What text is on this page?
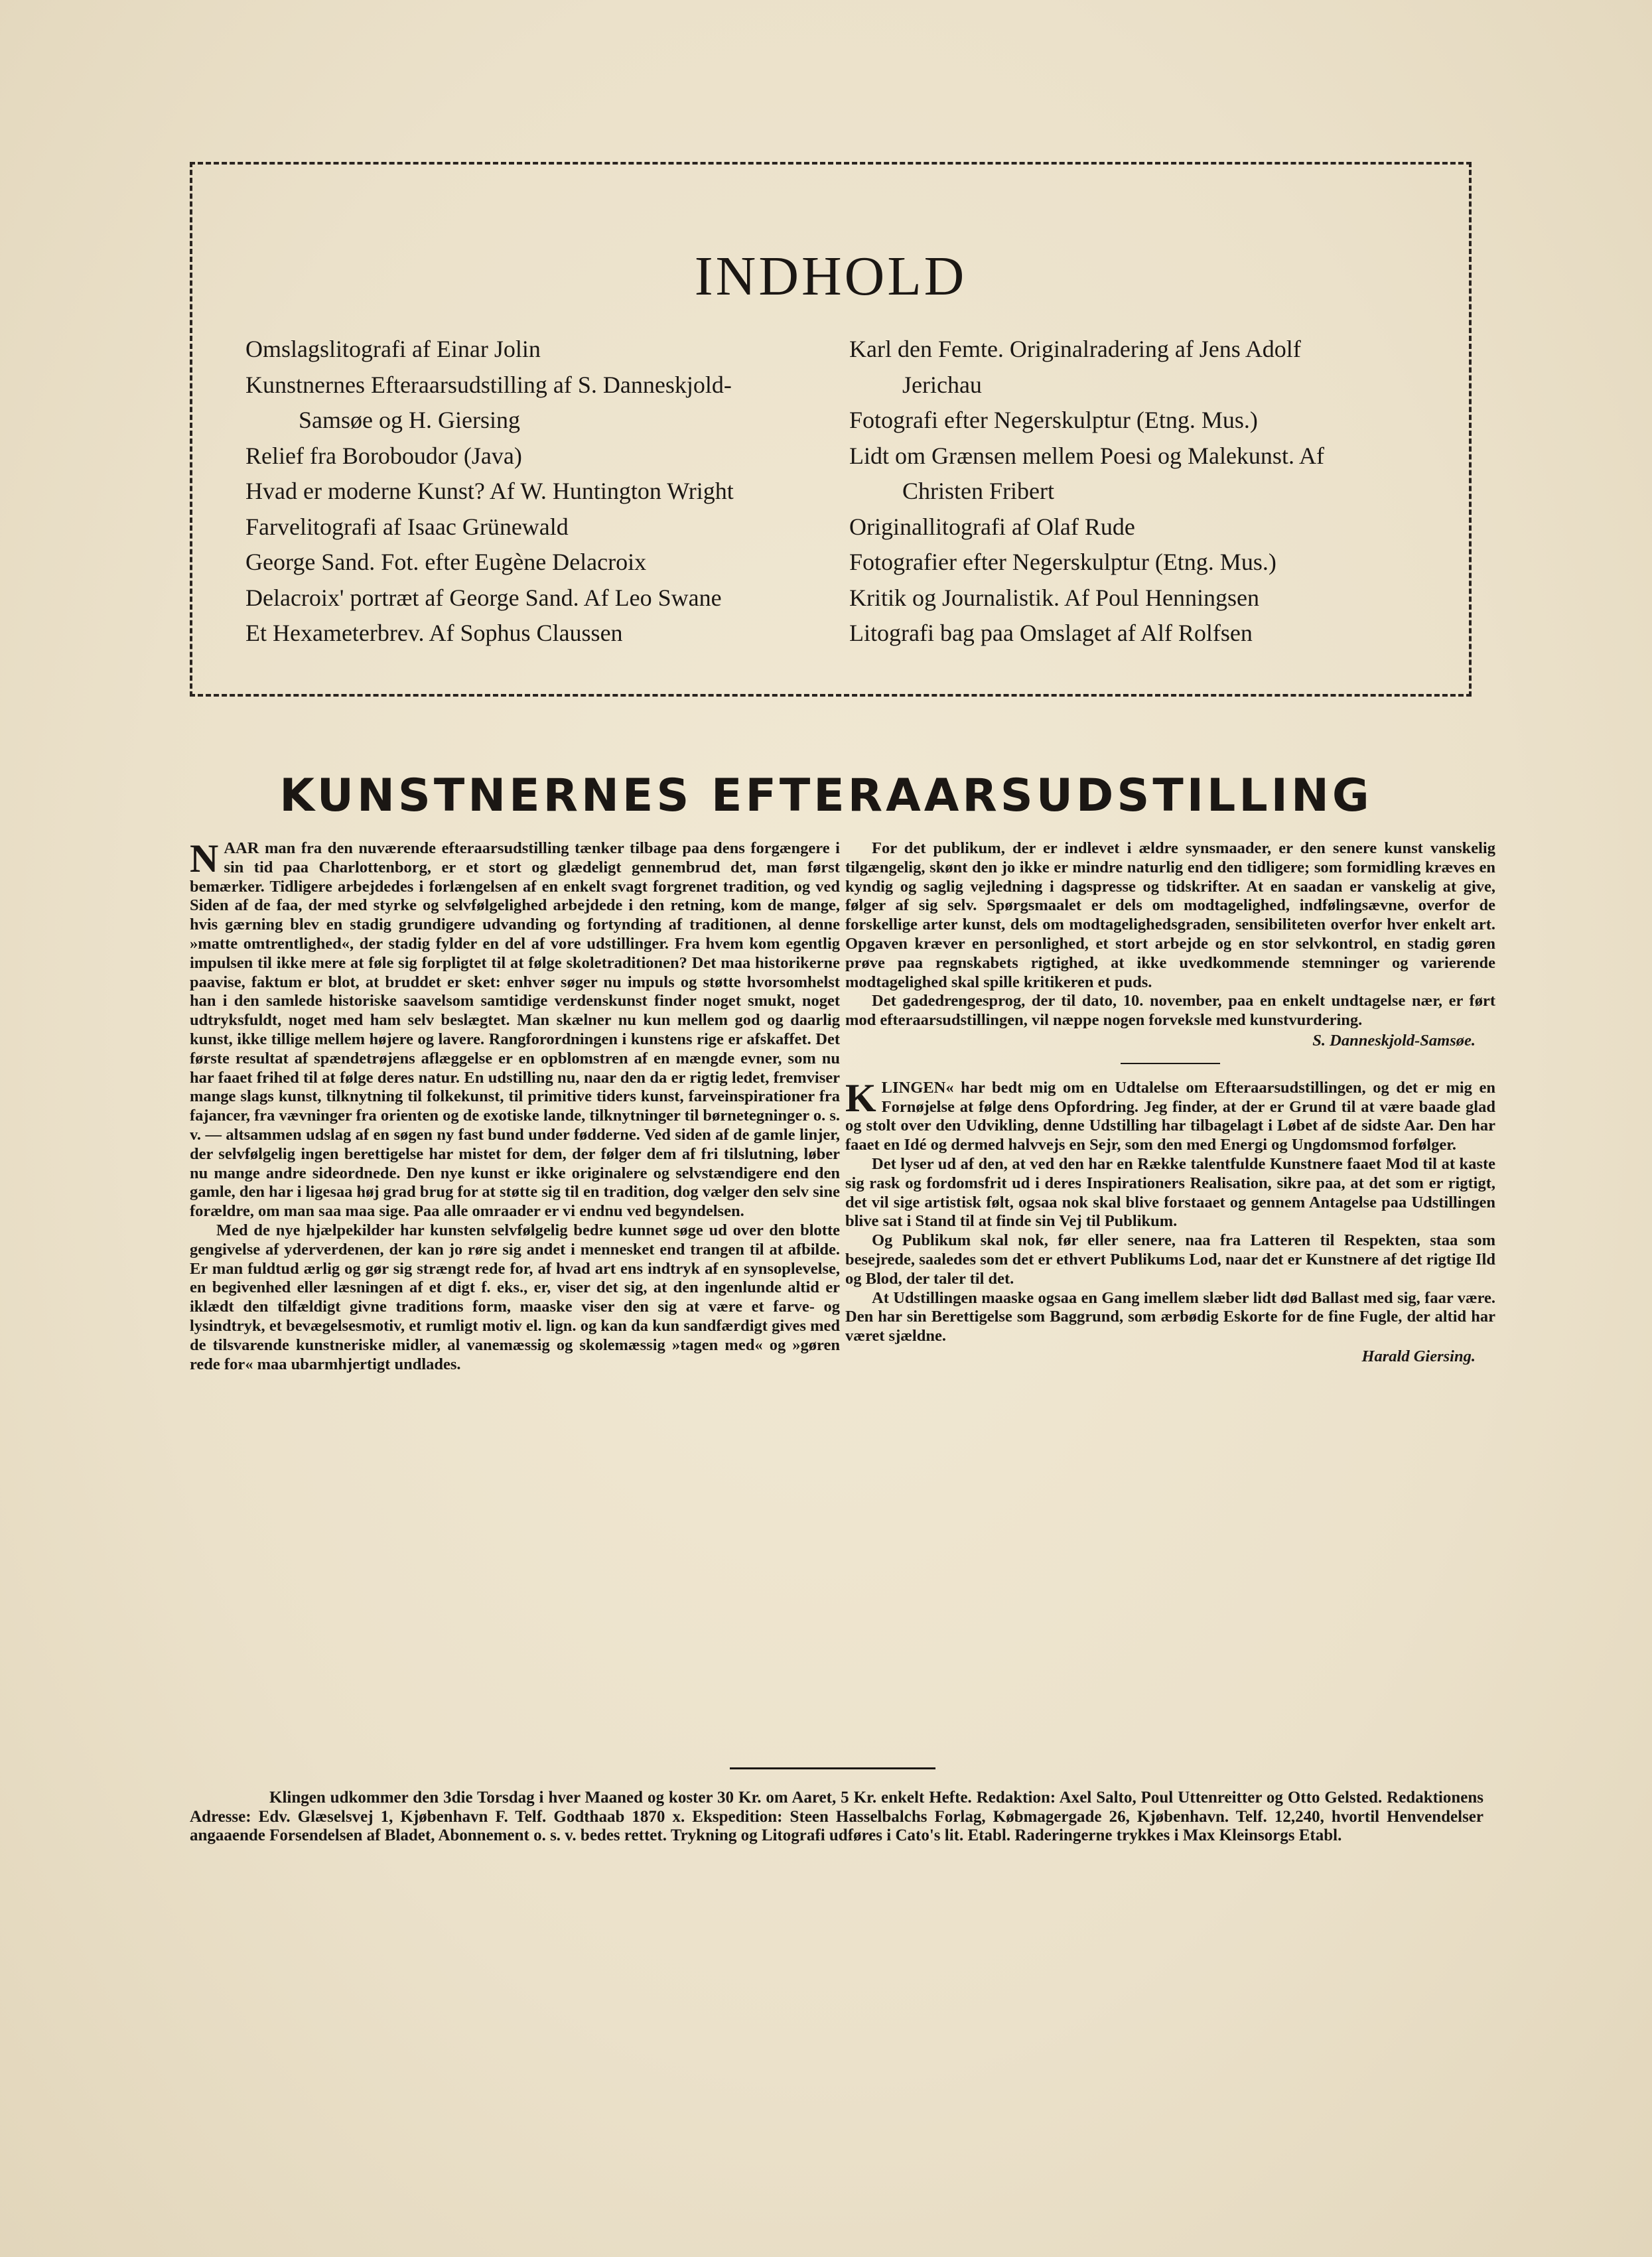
INDHOLD
Omslagslitografi af Einar Jolin
Kunstnernes Efteraarsudstilling af S. Danneskjold-
Samsøe og H. Giersing
Relief fra Boroboudor (Java)
Hvad er moderne Kunst? Af W. Huntington Wright
Farvelitografi af Isaac Grünewald
George Sand. Fot. efter Eugène Delacroix
Delacroix' portræt af George Sand. Af Leo Swane
Et Hexameterbrev. Af Sophus Claussen
Karl den Femte. Originalradering af Jens Adolf
Jerichau
Fotografi efter Negerskulptur (Etng. Mus.)
Lidt om Grænsen mellem Poesi og Malekunst. Af
Christen Fribert
Originallitografi af Olaf Rude
Fotografier efter Negerskulptur (Etng. Mus.)
Kritik og Journalistik. Af Poul Henningsen
Litografi bag paa Omslaget af Alf Rolfsen
KUNSTNERNES EFTERAARSUDSTILLING

NAAR man fra den nuværende efteraarsudstilling tænker tilbage paa dens forgængere i sin tid paa Charlottenborg, er et stort og glædeligt gennembrud det, man først bemærker. Tidligere arbejdedes i forlængelsen af en enkelt svagt forgrenet tradition, og ved Siden af de faa, der med styrke og selvfølgelighed arbejdede i den retning, kom de mange, hvis gærning blev en stadig grundigere udvanding og fortynding af traditionen, al denne »matte omtrentlighed«, der stadig fylder en del af vore udstillinger. Fra hvem kom egentlig impulsen til ikke mere at føle sig forpligtet til at følge skoletraditionen? Det maa historikerne paavise, faktum er blot, at bruddet er sket: enhver søger nu impuls og støtte hvorsomhelst han i den samlede historiske saavelsom samtidige verdenskunst finder noget smukt, noget udtryksfuldt, noget med ham selv beslægtet. Man skælner nu kun mellem god og daarlig kunst, ikke tillige mellem højere og lavere. Rangforordningen i kunstens rige er afskaffet. Det første resultat af spændetrøjens aflæggelse er en opblomstren af en mængde evner, som nu har faaet frihed til at følge deres natur. En udstilling nu, naar den da er rigtig ledet, fremviser mange slags kunst, tilknytning til folkekunst, til primitive tiders kunst, farveinspirationer fra fajancer, fra vævninger fra orienten og de exotiske lande, tilknytninger til børnetegninger o. s. v. — altsammen udslag af en søgen ny fast bund under fødderne. Ved siden af de gamle linjer, der selvfølgelig ingen berettigelse har mistet for dem, der følger dem af fri tilslutning, løber nu mange andre sideordnede. Den nye kunst er ikke originalere og selvstændigere end den gamle, den har i ligesaa høj grad brug for at støtte sig til en tradition, dog vælger den selv sine forældre, om man saa maa sige. Paa alle omraader er vi endnu ved begyndelsen.

Med de nye hjælpekilder har kunsten selvfølgelig bedre kunnet søge ud over den blotte gengivelse af yderverdenen, der kan jo røre sig andet i mennesket end trangen til at afbilde. Er man fuldtud ærlig og gør sig strængt rede for, af hvad art ens indtryk af en synsoplevelse, en begivenhed eller læsningen af et digt f. eks., er, viser det sig, at den ingenlunde altid er iklædt den tilfældigt givne traditions form, maaske viser den sig at være et farve- og lysindtryk, et bevægelsesmotiv, et rumligt motiv el. lign. og kan da kun sandfærdigt gives med de tilsvarende kunstneriske midler, al vanemæssig og skolemæssig »tagen med« og »gøren rede for« maa ubarmhjertigt undlades.

For det publikum, der er indlevet i ældre synsmaader, er den senere kunst vanskelig tilgængelig, skønt den jo ikke er mindre naturlig end den tidligere; som formidling kræves en kyndig og saglig vejledning i dagspresse og tidskrifter. At en saadan er vanskelig at give, følger af sig selv. Spørgsmaalet er dels om modtagelighed, indfølingsævne, overfor de forskellige arter kunst, dels om modtagelighedsgraden, sensibiliteten overfor hver enkelt art. Opgaven kræver en personlighed, et stort arbejde og en stor selvkontrol, en stadig gøren prøve paa regnskabets rigtighed, at ikke uvedkommende stemninger og varierende modtagelighed skal spille kritikeren et puds.

Det gadedrengesprog, der til dato, 10. november, paa en enkelt undtagelse nær, er ført mod efteraarsudstillingen, vil næppe nogen forveksle med kunstvurdering.

S. Danneskjold-Samsøe.

KLINGEN« har bedt mig om en Udtalelse om Efteraarsudstillingen, og det er mig en Fornøjelse at følge dens Opfordring. Jeg finder, at der er Grund til at være baade glad og stolt over den Udvikling, denne Udstilling har tilbagelagt i Løbet af de sidste Aar. Den har faaet en Idé og dermed halvvejs en Sejr, som den med Energi og Ungdomsmod forfølger.

Det lyser ud af den, at ved den har en Række talentfulde Kunstnere faaet Mod til at kaste sig rask og fordomsfrit ud i deres Inspirationers Realisation, sikre paa, at det som er rigtigt, det vil sige artistisk følt, ogsaa nok skal blive forstaaet og gennem Antagelse paa Udstillingen blive sat i Stand til at finde sin Vej til Publikum.

Og Publikum skal nok, før eller senere, naa fra Latteren til Respekten, staa som besejrede, saaledes som det er ethvert Publikums Lod, naar det er Kunstnere af det rigtige Ild og Blod, der taler til det.

At Udstillingen maaske ogsaa en Gang imellem slæber lidt død Ballast med sig, faar være. Den har sin Berettigelse som Baggrund, som ærbødig Eskorte for de fine Fugle, der altid har været sjældne.

Harald Giersing.

Klingen udkommer den 3die Torsdag i hver Maaned og koster 30 Kr. om Aaret, 5 Kr. enkelt Hefte. Redaktion: Axel Salto, Poul Uttenreitter og Otto Gelsted. Redaktionens Adresse: Edv. Glæselsvej 1, Kjøbenhavn F. Telf. Godthaab 1870 x. Ekspedition: Steen Hasselbalchs Forlag, Købmagergade 26, Kjøbenhavn. Telf. 12,240, hvortil Henvendelser angaaende Forsendelsen af Bladet, Abonnement o. s. v. bedes rettet. Trykning og Litografi udføres i Cato's lit. Etabl. Raderingerne trykkes i Max Kleinsorgs Etabl.
